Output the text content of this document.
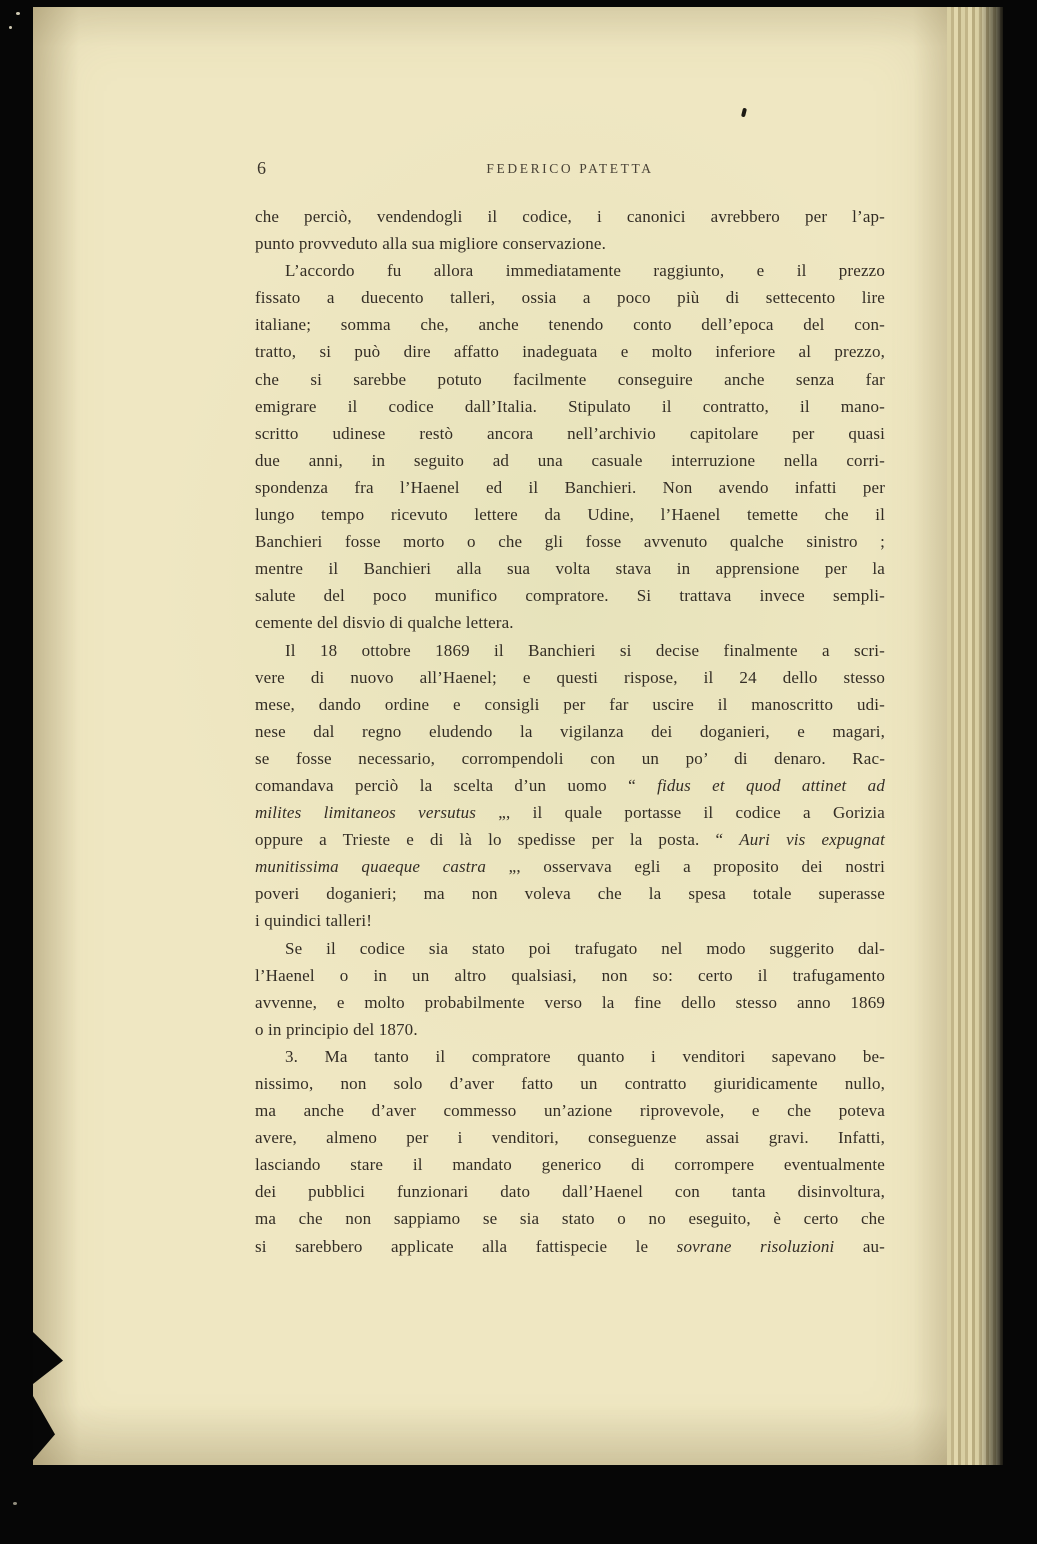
6	FEDERICO PATETTA
che perciò, vendendogli il codice, i canonici avrebbero per l’ap-
punto provveduto alla sua migliore conservazione.
L’accordo fu allora immediatamente raggiunto, e il prezzo
fissato a duecento talleri, ossia a poco più di settecento lire
italiane; somma che, anche tenendo conto dell’epoca del con-
tratto, si può dire affatto inadeguata e molto inferiore al prezzo,
che si sarebbe potuto facilmente conseguire anche senza far
emigrare il codice dall’Italia. Stipulato il contratto, il mano-
scritto udinese restò ancora nell’archivio capitolare per quasi
due anni, in seguito ad una casuale interruzione nella corri-
spondenza fra l’Haenel ed il Banchieri. Non avendo infatti per
lungo tempo ricevuto lettere da Udine, l’Haenel temette che il
Banchieri fosse morto o che gli fosse avvenuto qualche sinistro ;
mentre il Banchieri alla sua volta stava in apprensione per la
salute del poco munifico compratore. Si trattava invece sempli-
cemente del disvio di qualche lettera.
Il 18 ottobre 1869 il Banchieri si decise finalmente a scri-
vere di nuovo all’Haenel; e questi rispose, il 24 dello stesso
mese, dando ordine e consigli per far uscire il manoscritto udi-
nese dal regno eludendo la vigilanza dei doganieri, e magari,
se fosse necessario, corrompendoli con un po’ di denaro. Rac-
comandava perciò la scelta d’un uomo “ fidus et quod attinet ad
milites limitaneos versutus „, il quale portasse il codice a Gorizia
oppure a Trieste e di là lo spedisse per la posta. “ Auri vis expugnat
munitissima quaeque castra „, osservava egli a proposito dei nostri
poveri doganieri; ma non voleva che la spesa totale superasse
i quindici talleri!
Se il codice sia stato poi trafugato nel modo suggerito dal-
l’Haenel o in un altro qualsiasi, non so: certo il trafugamento
avvenne, e molto probabilmente verso la fine dello stesso anno 1869
o in principio del 1870.
3. Ma tanto il compratore quanto i venditori sapevano be-
nissimo, non solo d’aver fatto un contratto giuridicamente nullo,
ma anche d’aver commesso un’azione riprovevole, e che poteva
avere, almeno per i venditori, conseguenze assai gravi. Infatti,
lasciando stare il mandato generico di corrompere eventualmente
dei pubblici funzionari dato dall’Haenel con tanta disinvoltura,
ma che non sappiamo se sia stato o no eseguito, è certo che
si sarebbero applicate alla fattispecie le sovrane risoluzioni au-
